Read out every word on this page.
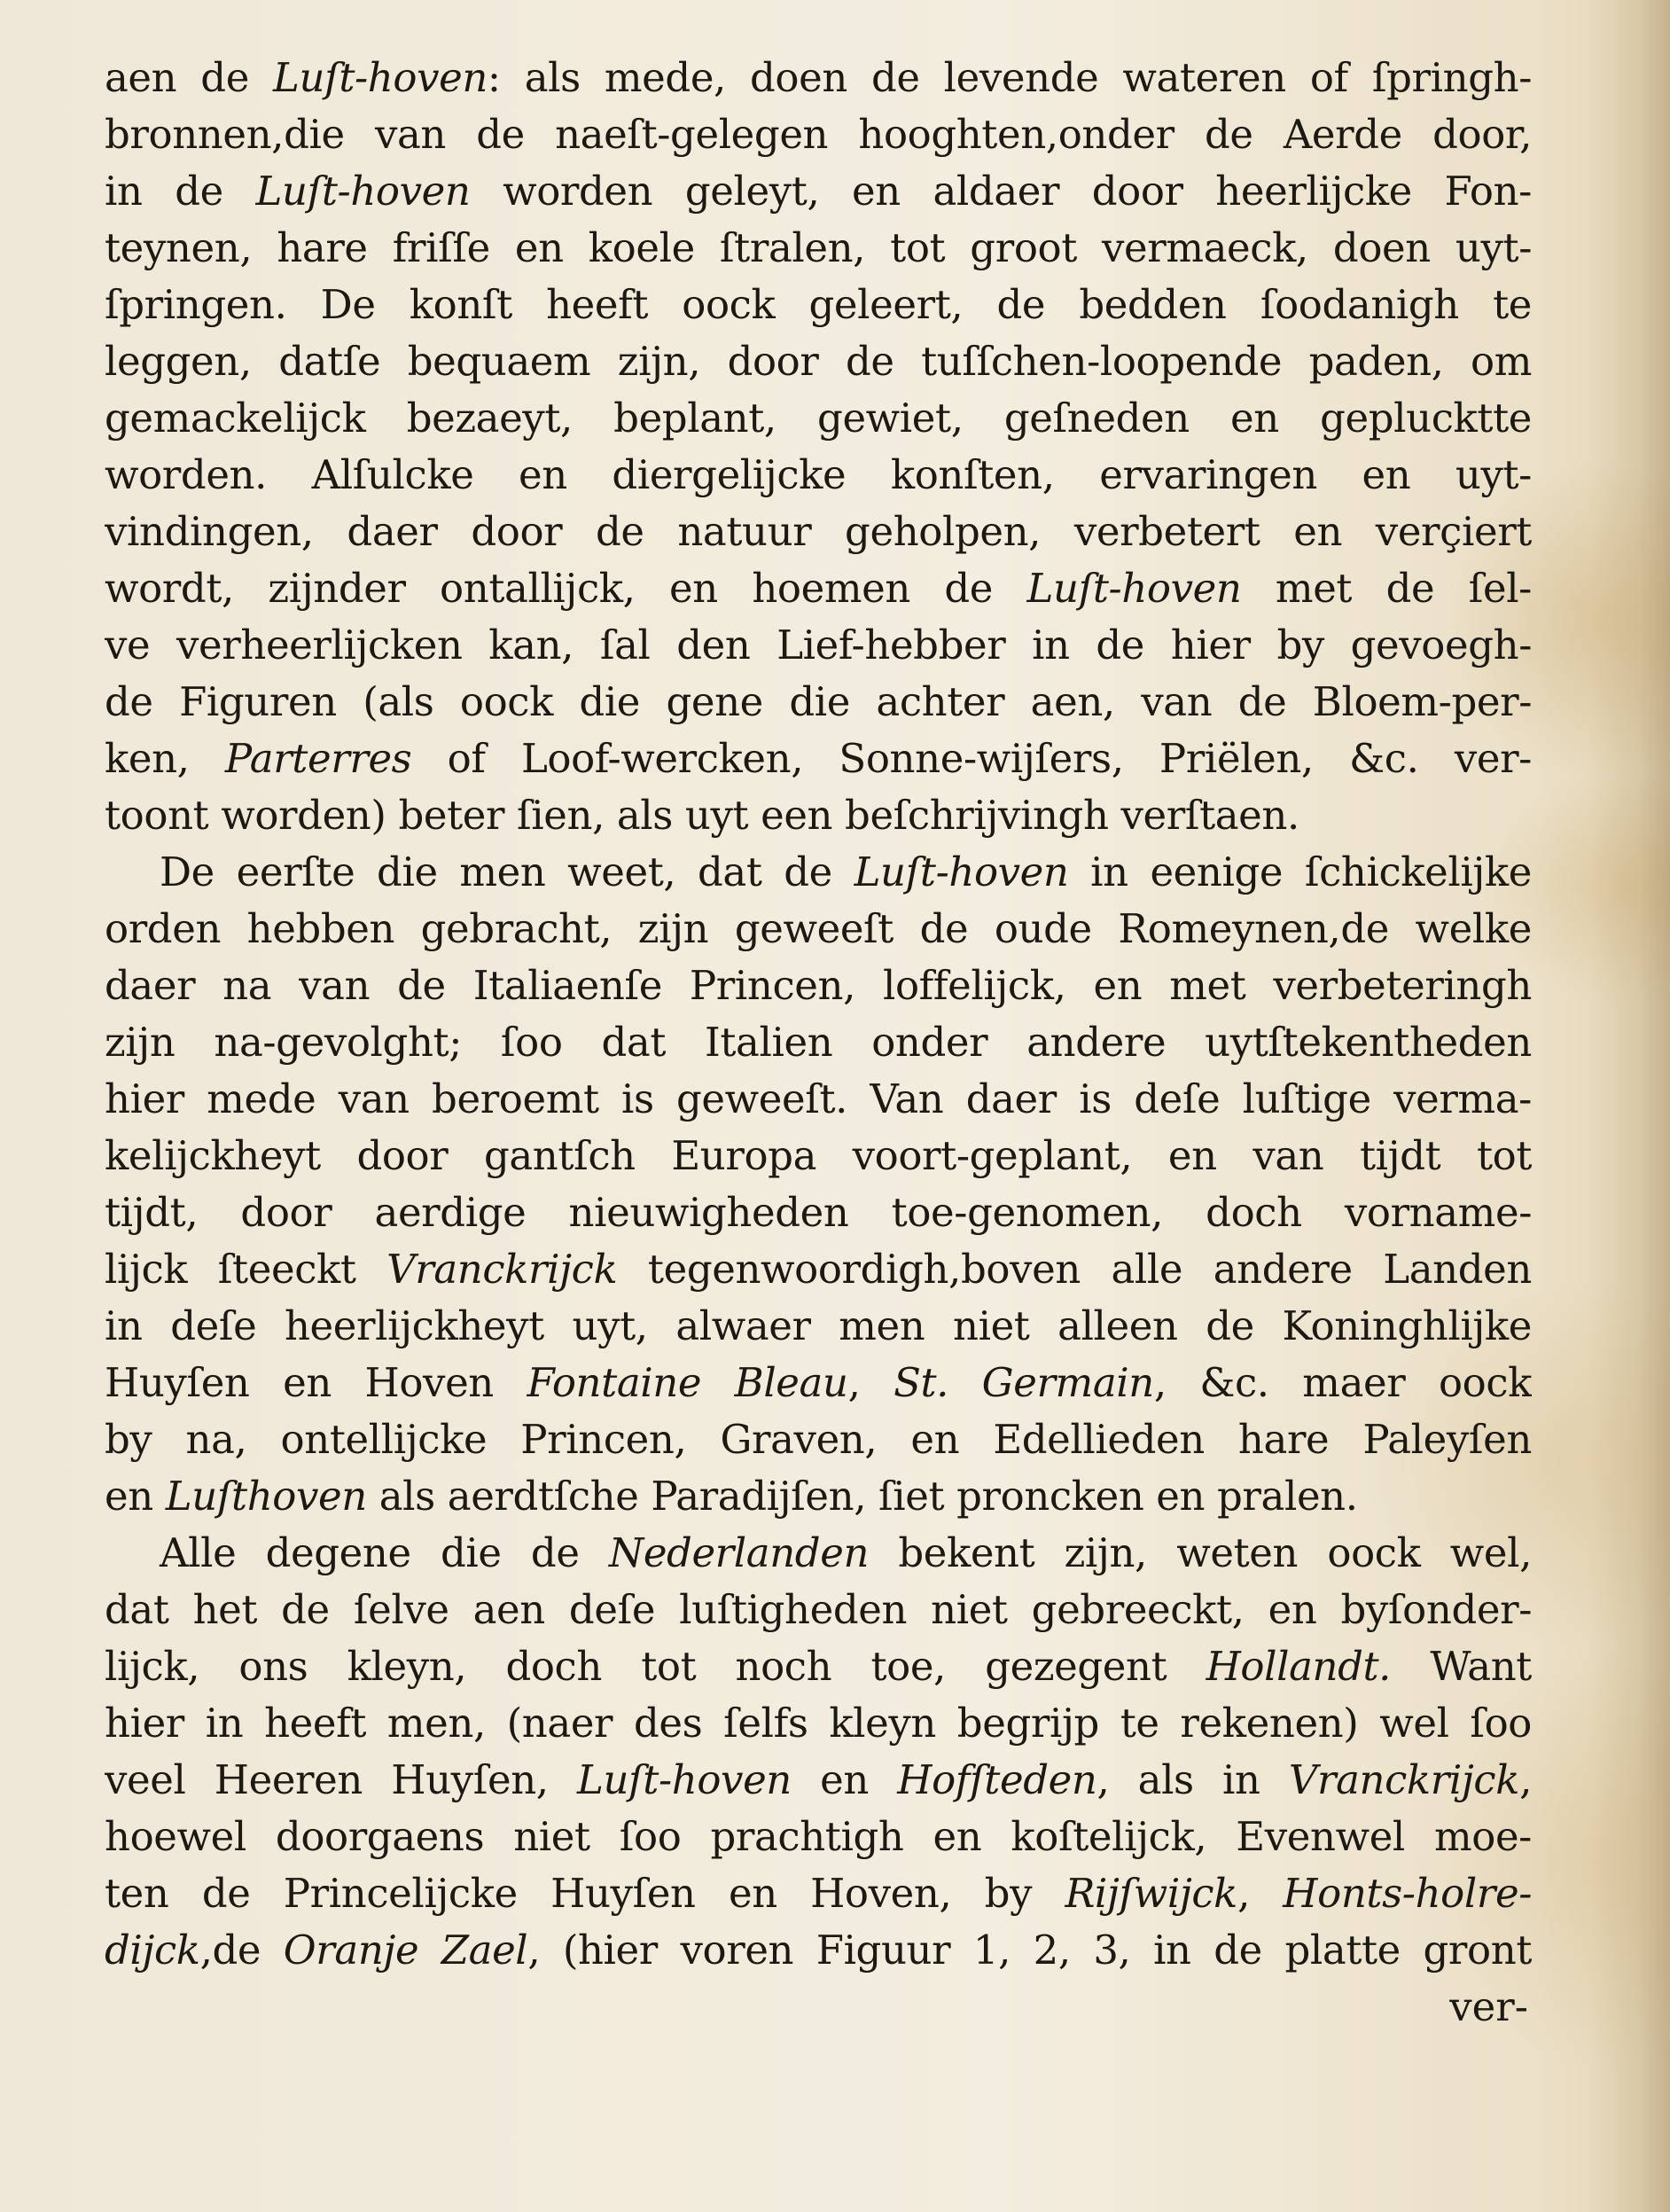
aen de Luſt-hoven: als mede, doen de levende wateren of ſpringh-
bronnen,die van de naeſt-gelegen hooghten,onder de Aerde door,
in de Luſt-hoven worden geleyt, en aldaer door heerlijcke Fon-
teynen, hare friſſe en koele ſtralen, tot groot vermaeck, doen uyt-
ſpringen. De konſt heeft oock geleert, de bedden ſoodanigh te
leggen, datſe bequaem zijn, door de tuſſchen-loopende paden, om
gemackelijck bezaeyt, beplant, gewiet, geſneden en geplucktte
worden. Alſulcke en diergelijcke konſten, ervaringen en uyt-
vindingen, daer door de natuur geholpen, verbetert en verçiert
wordt, zijnder ontallijck, en hoemen de Luſt-hoven met de ſel-
ve verheerlijcken kan, ſal den Lief-hebber in de hier by gevoegh-
de Figuren (als oock die gene die achter aen, van de Bloem-per-
ken, Parterres of Loof-wercken, Sonne-wijſers, Priëlen, &c. ver-
toont worden) beter ſien, als uyt een beſchrijvingh verſtaen.
De eerſte die men weet, dat de Luſt-hoven in eenige ſchickelijke
orden hebben gebracht, zijn geweeſt de oude Romeynen,de welke
daer na van de Italiaenſe Princen, loffelijck, en met verbeteringh
zijn na-gevolght; ſoo dat Italien onder andere uytſtekentheden
hier mede van beroemt is geweeſt. Van daer is deſe luſtige verma-
kelijckheyt door gantſch Europa voort-geplant, en van tijdt tot
tijdt, door aerdige nieuwigheden toe-genomen, doch vorname-
lijck ſteeckt Vranckrijck tegenwoordigh,boven alle andere Landen
in deſe heerlijckheyt uyt, alwaer men niet alleen de Koninghlijke
Huyſen en Hoven Fontaine Bleau, St. Germain, &c. maer oock
by na, ontellijcke Princen, Graven, en Edellieden hare Paleyſen
en Luſthoven als aerdtſche Paradijſen, ſiet proncken en pralen.
Alle degene die de Nederlanden bekent zijn, weten oock wel,
dat het de ſelve aen deſe luſtigheden niet gebreeckt, en byſonder-
lijck, ons kleyn, doch tot noch toe, gezegent Hollandt. Want
hier in heeft men, (naer des ſelfs kleyn begrijp te rekenen) wel ſoo
veel Heeren Huyſen, Luſt-hoven en Hofſteden, als in Vranckrijck,
hoewel doorgaens niet ſoo prachtigh en koſtelijck, Evenwel moe-
ten de Princelijcke Huyſen en Hoven, by Rijſwijck, Honts-holre-
dijck,de Oranje Zael, (hier voren Figuur 1, 2, 3, in de platte gront
ver-
